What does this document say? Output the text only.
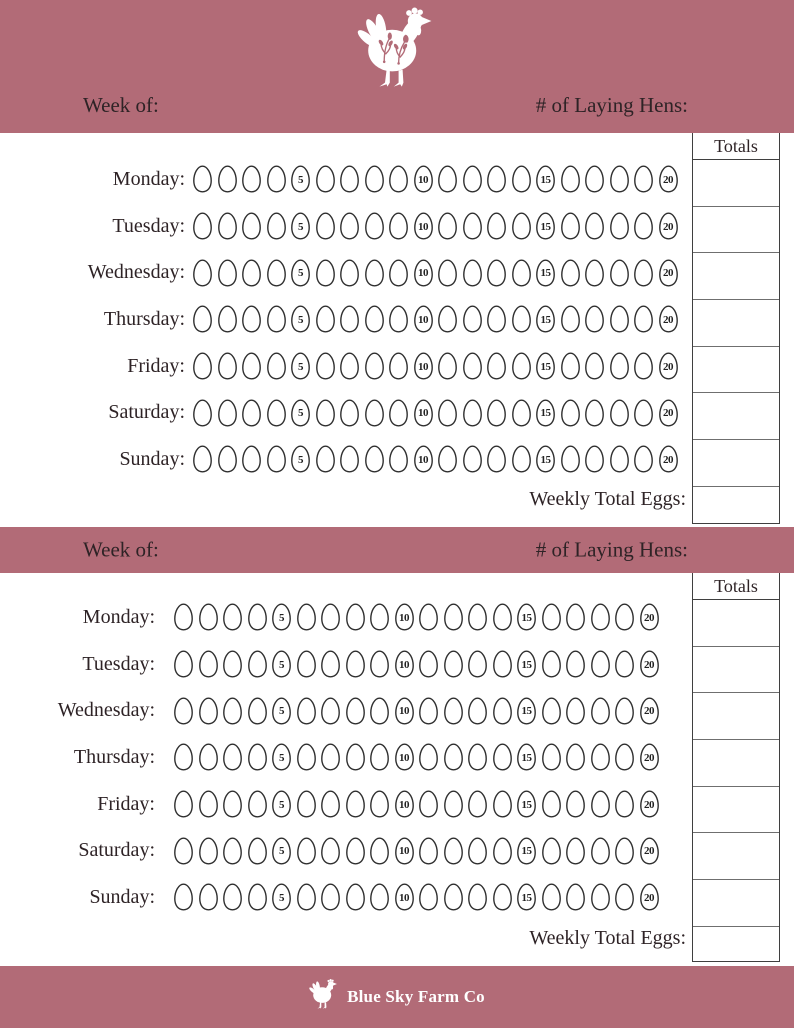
Week of:	# of Laying Hens:
Monday:	5	10	15	20
Tuesday:	5	10	15	20
Wednesday:	5	10	15	20
Thursday:	5	10	15	20
Friday:	5	10	15	20
Saturday:	5	10	15	20
Sunday:	5	10	15	20
Totals
Weekly Total Eggs:
Week of:	# of Laying Hens:
Monday:	5	10	15	20
Tuesday:	5	10	15	20
Wednesday:	5	10	15	20
Thursday:	5	10	15	20
Friday:	5	10	15	20
Saturday:	5	10	15	20
Sunday:	5	10	15	20
Totals
Weekly Total Eggs:
Blue Sky Farm Co
